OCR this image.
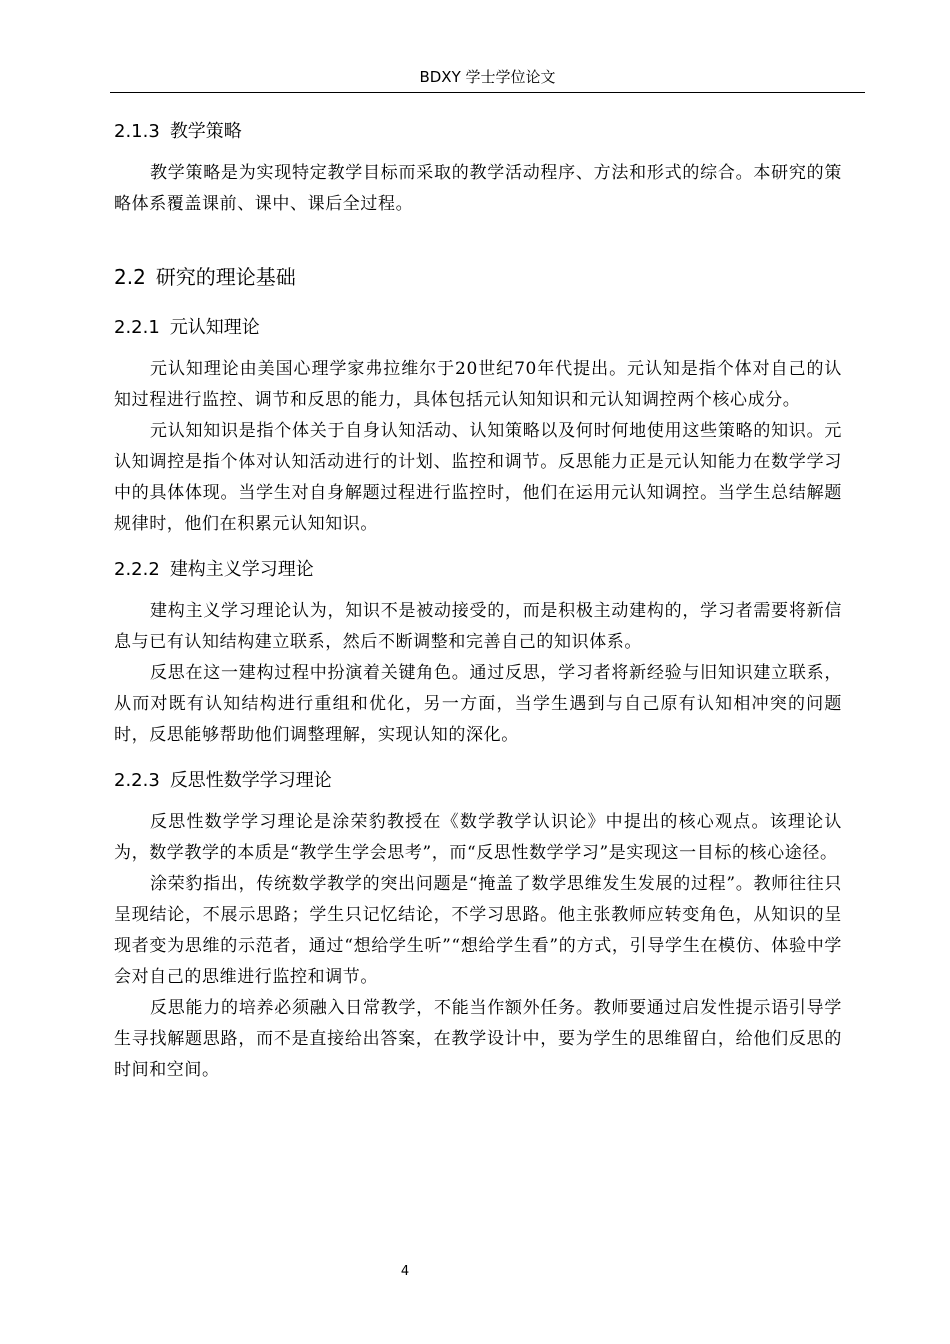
BDXY 学士学位论文
2.1.3 教学策略

教学策略是为实现特定教学目标而采取的教学活动程序、方法和形式的综合。本研究的策略体系覆盖课前、课中、课后全过程。

2.2 研究的理论基础
2.2.1 元认知理论

元认知理论由美国心理学家弗拉维尔于20世纪70年代提出。元认知是指个体对自己的认知过程进行监控、调节和反思的能力，具体包括元认知知识和元认知调控两个核心成分。

元认知知识是指个体关于自身认知活动、认知策略以及何时何地使用这些策略的知识。元认知调控是指个体对认知活动进行的计划、监控和调节。反思能力正是元认知能力在数学学习中的具体体现。当学生对自身解题过程进行监控时，他们在运用元认知调控。当学生总结解题规律时，他们在积累元认知知识。

2.2.2 建构主义学习理论

建构主义学习理论认为，知识不是被动接受的，而是积极主动建构的，学习者需要将新信息与已有认知结构建立联系，然后不断调整和完善自己的知识体系。

反思在这一建构过程中扮演着关键角色。通过反思，学习者将新经验与旧知识建立联系，从而对既有认知结构进行重组和优化，另一方面，当学生遇到与自己原有认知相冲突的问题时，反思能够帮助他们调整理解，实现认知的深化。

2.2.3 反思性数学学习理论

反思性数学学习理论是涂荣豹教授在《数学教学认识论》中提出的核心观点。该理论认为，数学教学的本质是“教学生学会思考”，而“反思性数学学习”是实现这一目标的核心途径。

涂荣豹指出，传统数学教学的突出问题是“掩盖了数学思维发生发展的过程”。教师往往只呈现结论，不展示思路；学生只记忆结论，不学习思路。他主张教师应转变角色，从知识的呈现者变为思维的示范者，通过“想给学生听”“想给学生看”的方式，引导学生在模仿、体验中学会对自己的思维进行监控和调节。

反思能力的培养必须融入日常教学，不能当作额外任务。教师要通过启发性提示语引导学生寻找解题思路，而不是直接给出答案，在教学设计中，要为学生的思维留白，给他们反思的时间和空间。

4
